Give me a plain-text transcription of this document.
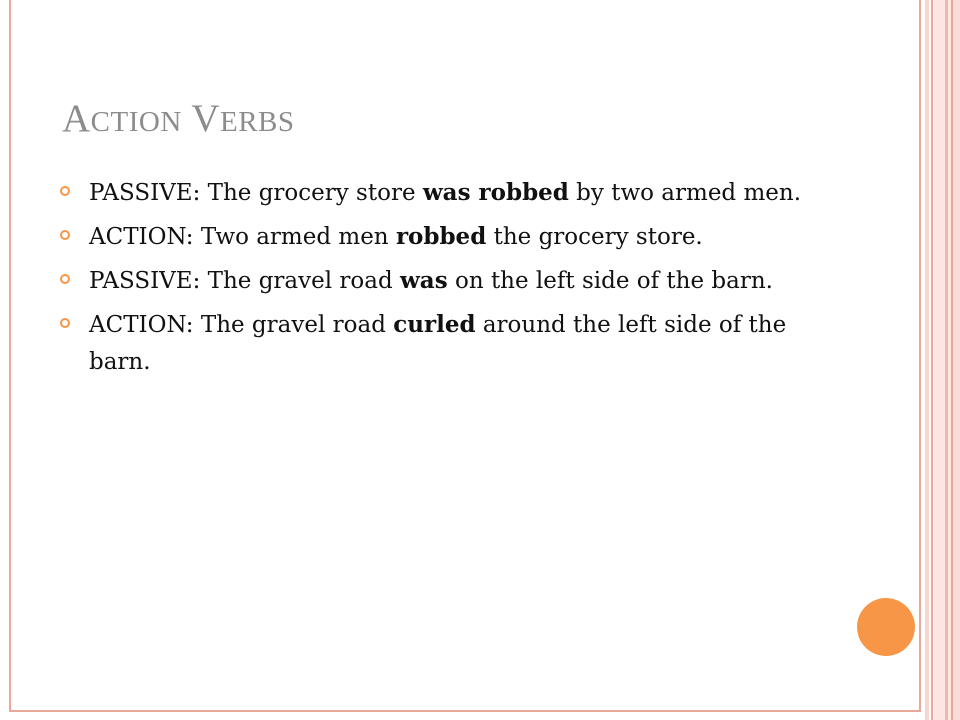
ACTION VERBS
PASSIVE: The grocery store was robbed by two armed men.
ACTION: Two armed men robbed the grocery store.
PASSIVE: The gravel road was on the left side of the barn.
ACTION: The gravel road curled around the left side of the barn.
